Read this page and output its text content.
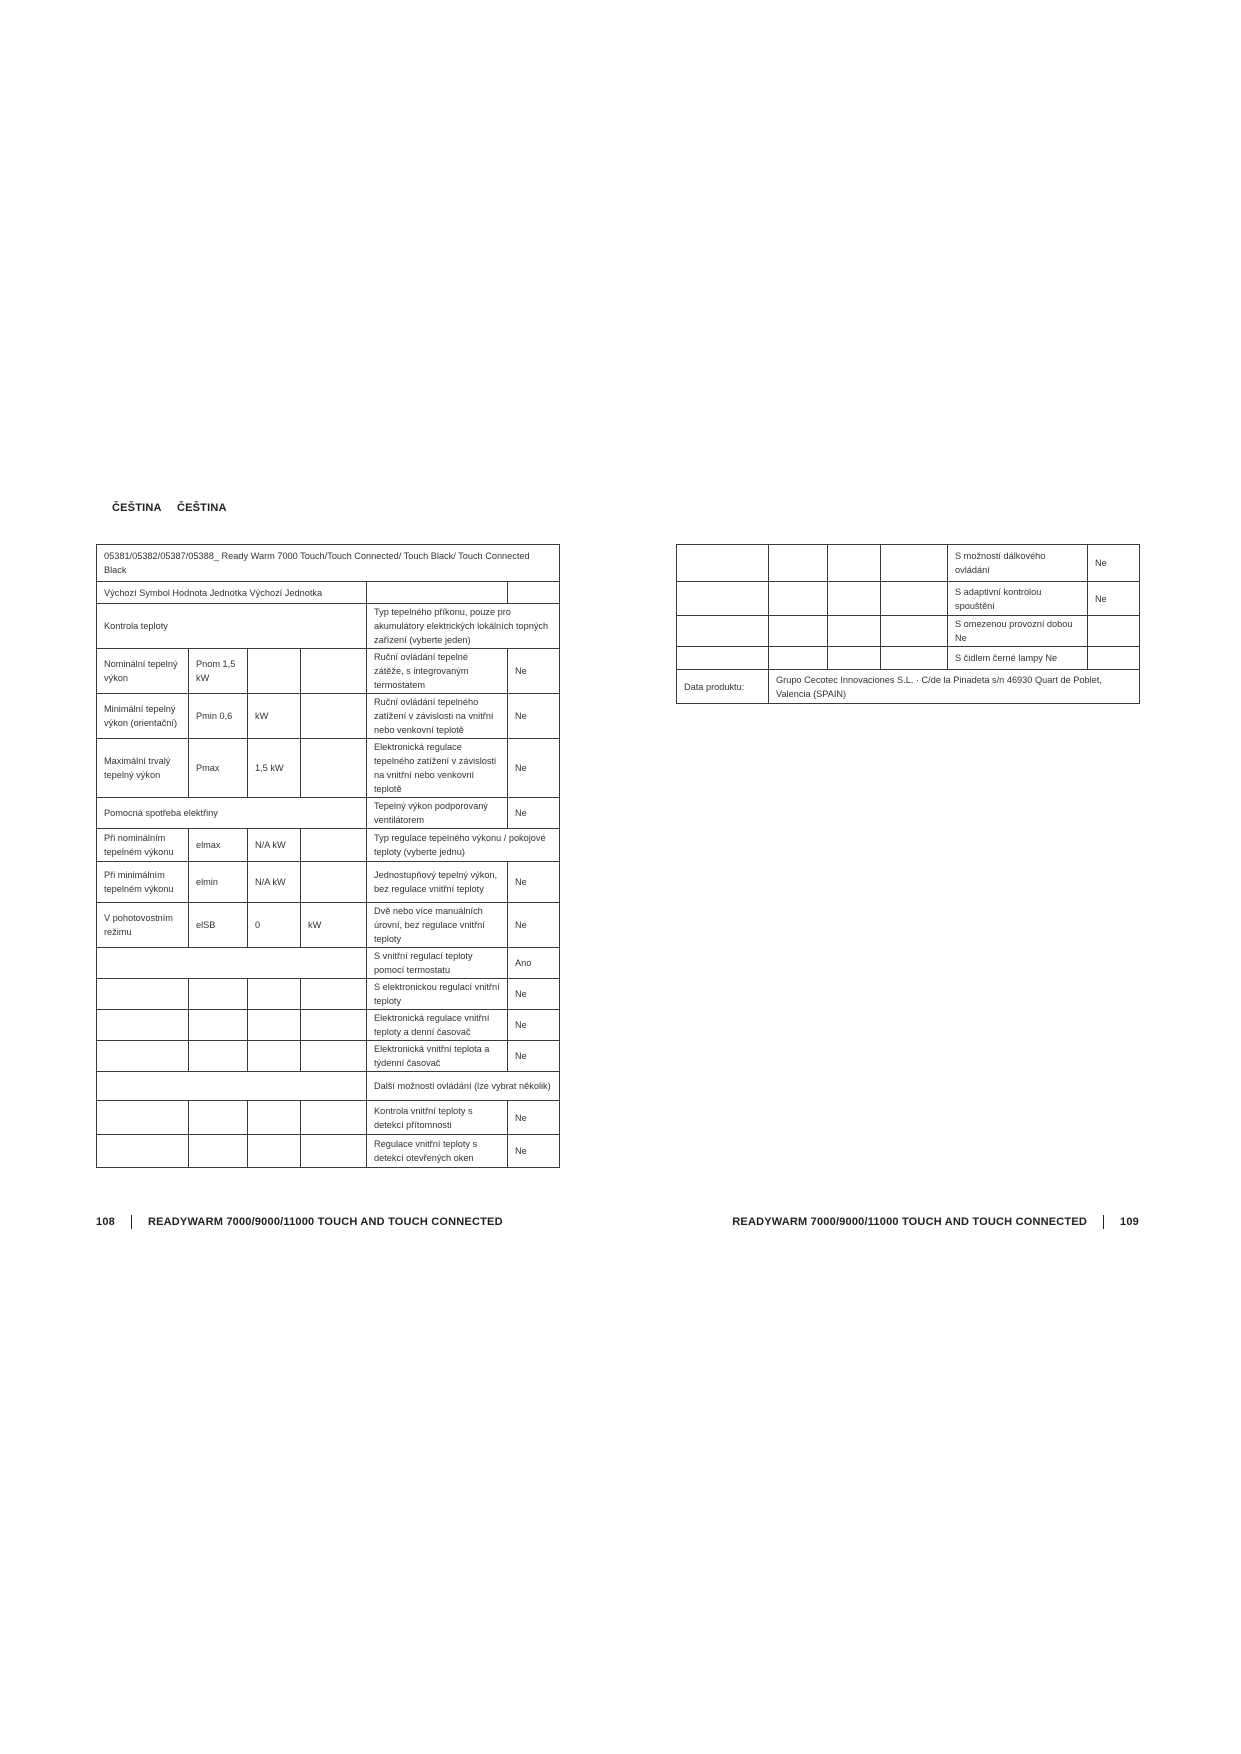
ČEŠTINA ČEŠTINA
05381/05382/05387/05388_ Ready Warm 7000 Touch/Touch Connected/ Touch Black/ Touch Connected Black					
Výchozí Symbol Hodnota Jednotka Výchozí Jednotka					
Kontrola teploty				Typ tepelného příkonu, pouze pro akumulátory elektrických lokálních topných zařízení (vyberte jeden)	
Nominální tepelný výkon	Pnom 1,5 kW			Ruční ovládání tepelné zátěže, s integrovaným termostatem	Ne
Minimální tepelný výkon (orientační)	Pmin 0,6	kW		Ruční ovládání tepelného zatížení v závislosti na vnitřní nebo venkovní teplotě	Ne
Maximální trvalý tepelný výkon	Pmax	1,5 kW		Elektronická regulace tepelného zatížení v závislosti na vnitřní nebo venkovní teplotě	Ne
Pomocná spotřeba elektřiny				Tepelný výkon podporovaný ventilátorem	Ne
Při nominálním tepelném výkonu	elmax	N/A kW		Typ regulace tepelného výkonu / pokojové teploty (vyberte jednu)	
Při minimálním tepelném výkonu	elmin	N/A kW		Jednostupňový tepelný výkon, bez regulace vnitřní teploty	Ne
V pohotovostním režimu	elSB	0	kW	Dvě nebo více manuálních úrovní, bez regulace vnitřní teploty	Ne
				S vnitřní regulací teploty pomocí termostatu	Ano
				S elektronickou regulací vnitřní teploty	Ne
				Elektronická regulace vnitřní teploty a denní časovač	Ne
				Elektronická vnitřní teplota a týdenní časovač	Ne
				Další možnosti ovládání (lze vybrat několik)	
				Kontrola vnitřní teploty s detekcí přítomnosti	Ne
				Regulace vnitřní teploty s detekcí otevřených oken	Ne
				S možností dálkového ovládání	Ne
				S adaptivní kontrolou spouštění	Ne
				S omezenou provozní dobou Ne	
				S čidlem černé lampy Ne	
Data produktu:	Grupo Cecotec Innovaciones S.L. · C/de la Pinadeta s/n 46930 Quart de Poblet, Valencia (SPAIN)				
108	READYWARM 7000/9000/11000 TOUCH AND TOUCH CONNECTED	READYWARM 7000/9000/11000 TOUCH AND TOUCH CONNECTED	109
